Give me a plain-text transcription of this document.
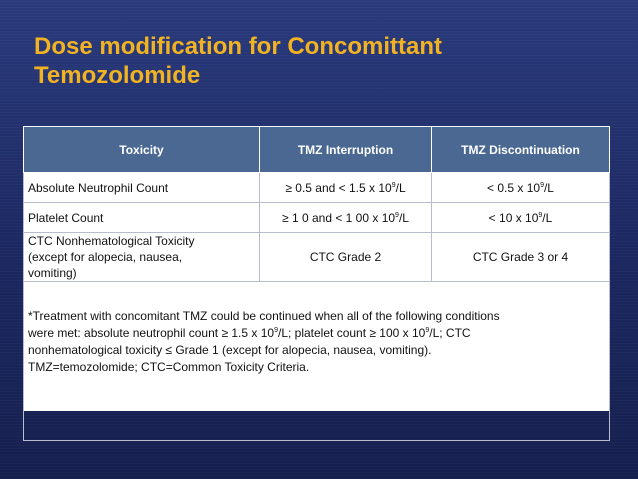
Dose modification for Concomittant
Temozolomide
Toxicity	TMZ Interruption	TMZ Discontinuation
Absolute Neutrophil Count	≥ 0.5 and < 1.5 x $10^9/L$	< 0.5 x $10^9/L$
Platelet Count	≥ 1 0 and < 1 00 x $10^9/L$	< 10 x $10^9/L$

CTC Nonhematological Toxicity
(except for alopecia, nausea,
vomiting)	CTC Grade 2	CTC Grade 3 or 4

*Treatment with concomitant TMZ could be continued when all of the following conditions
were met: absolute neutrophil count ≥ 1.5 x $10^9/L$; platelet count ≥ 100 x $10^9/L$; CTC
nonhematological toxicity ≤ Grade 1 (except for alopecia, nausea, vomiting).
TMZ=temozolomide; CTC=Common Toxicity Criteria.		
